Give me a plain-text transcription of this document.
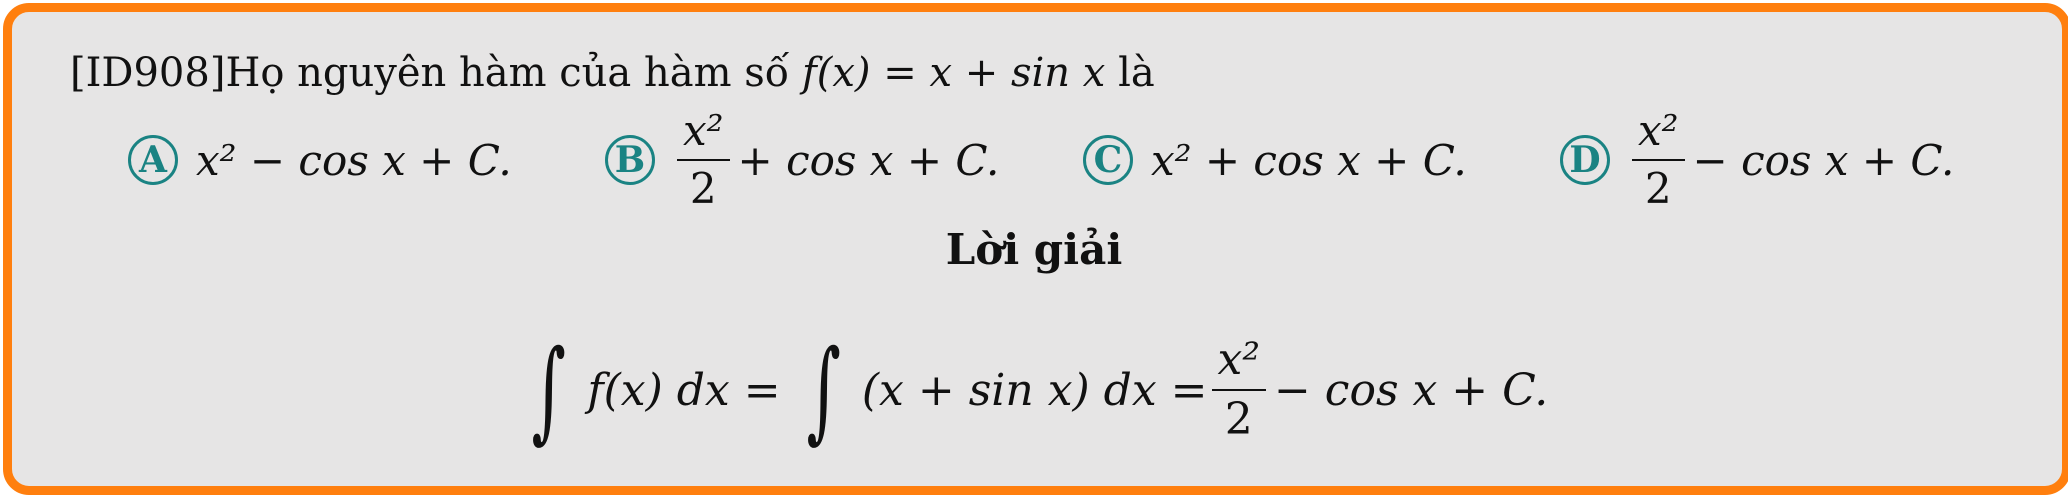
[ID908]Họ nguyên hàm của hàm số f(x) = x + sin x là
A x² − cos x + C.	B $\frac{\text{x²}}{2} + \cos x + C$.	C x² + cos x + C.	D $\frac{\text{x²}}{2} - \cos x + C$.
Lời giải
∫ f(x) dx = ∫ (x + sin x) dx = $\frac{\text{x²}}{2} - \cos x + C$.
